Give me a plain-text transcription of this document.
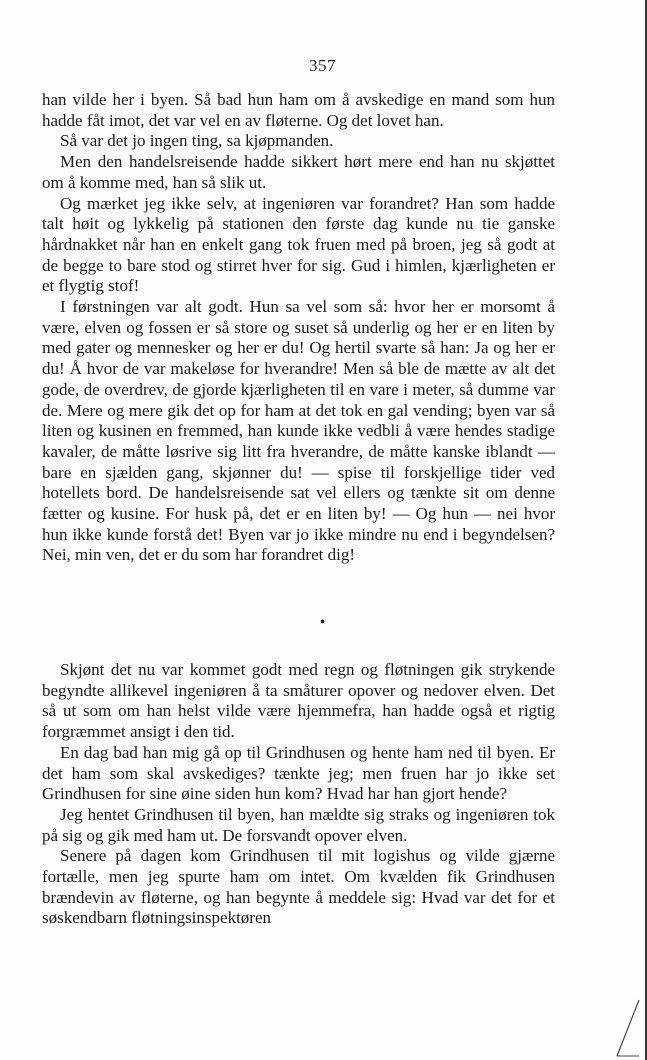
357

han vilde her i byen. Så bad hun ham om å avskedige en mand som hun hadde fåt imot, det var vel en av fløterne. Og det lovet han.

Så var det jo ingen ting, sa kjøpmanden.

Men den handelsreisende hadde sikkert hørt mere end han nu skjøttet om å komme med, han så slik ut.

Og mærket jeg ikke selv, at ingeniøren var forandret? Han som hadde talt høit og lykkelig på stationen den første dag kunde nu tie ganske hårdnakket når han en enkelt gang tok fruen med på broen, jeg så godt at de begge to bare stod og stirret hver for sig. Gud i himlen, kjærligheten er et flygtig stof!

I førstningen var alt godt. Hun sa vel som så: hvor her er morsomt å være, elven og fossen er så store og suset så underlig og her er en liten by med gater og mennesker og her er du! Og hertil svarte så han: Ja og her er du! Å hvor de var makeløse for hverandre! Men så ble de mætte av alt det gode, de overdrev, de gjorde kjærligheten til en vare i meter, så dumme var de. Mere og mere gik det op for ham at det tok en gal vending; byen var så liten og kusinen en fremmed, han kunde ikke vedbli å være hendes stadige kavaler, de måtte løsrive sig litt fra hverandre, de måtte kanske iblandt — bare en sjælden gang, skjønner du! — spise til forskjellige tider ved hotellets bord. De handelsreisende sat vel ellers og tænkte sit om denne fætter og kusine. For husk på, det er en liten by! — Og hun — nei hvor hun ikke kunde forstå det! Byen var jo ikke mindre nu end i begyndelsen? Nei, min ven, det er du som har forandret dig!

•

Skjønt det nu var kommet godt med regn og fløtningen gik strykende begyndte allikevel ingeniøren å ta småturer opover og nedover elven. Det så ut som om han helst vilde være hjemmefra, han hadde også et rigtig forgræmmet ansigt i den tid.

En dag bad han mig gå op til Grindhusen og hente ham ned til byen. Er det ham som skal avskediges? tænkte jeg; men fruen har jo ikke set Grindhusen for sine øine siden hun kom? Hvad har han gjort hende?

Jeg hentet Grindhusen til byen, han mældte sig straks og ingeniøren tok på sig og gik med ham ut. De forsvandt opover elven.

Senere på dagen kom Grindhusen til mit logishus og vilde gjærne fortælle, men jeg spurte ham om intet. Om kvælden fik Grindhusen brændevin av fløterne, og han begynte å meddele sig: Hvad var det for et søskendbarn fløtningsinspektøren
